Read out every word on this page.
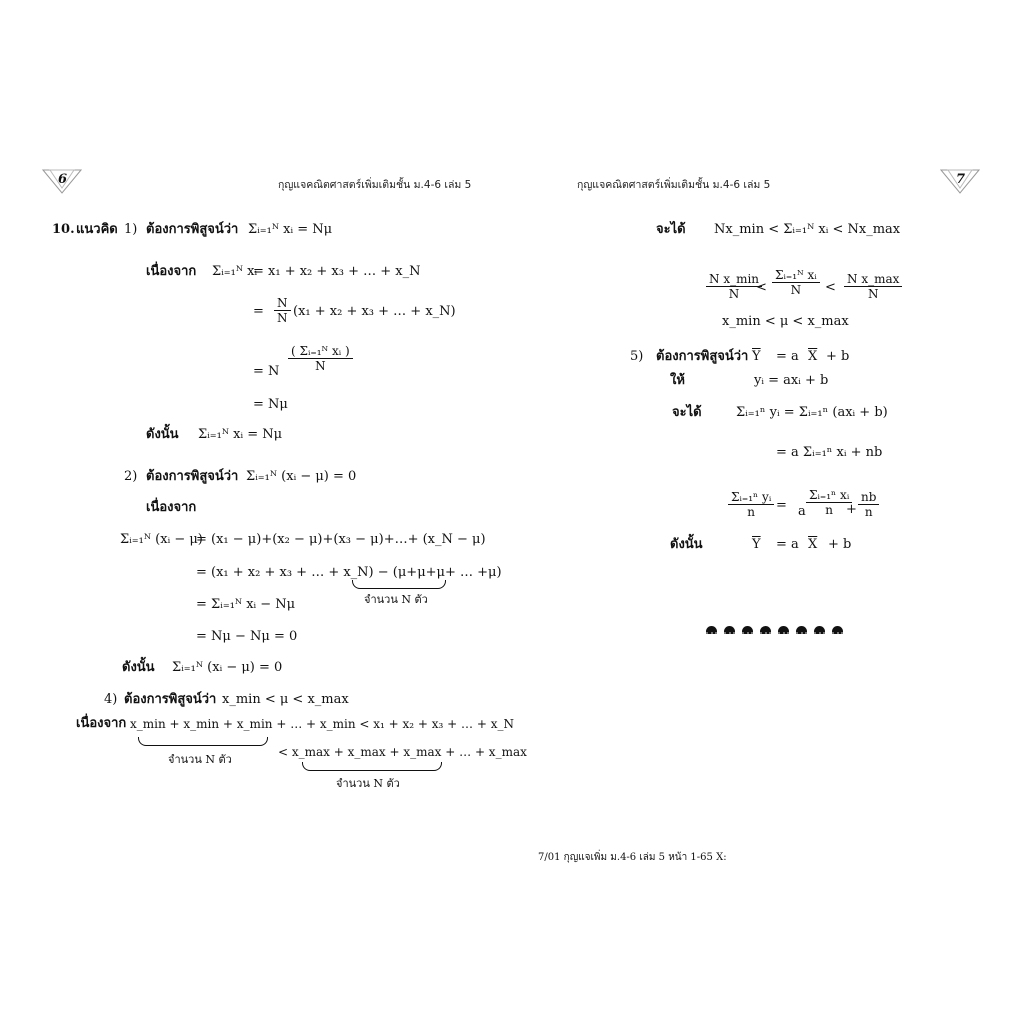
6	กุญแจคณิตศาสตร์เพิ่มเติมชั้น ม.4-6 เล่ม 5	7
กุญแจคณิตศาสตร์เพิ่มเติมชั้น ม.4-6 เล่ม 5
10. แนวคิด 1) ต้องการพิสูจน์ว่า Σᵢ₌₁ᴺ xᵢ = Nμ
เนื่องจาก Σᵢ₌₁ᴺ xᵢ
= x₁ + x₂ + x₃ + … + x_N
= $\frac{N}{N} (x_1 + x_2 + x_3$ + … + x_N)
= N $\frac{\text{( Σᵢ₌₁ᴺ xᵢ )}}{N}$
= Nμ
ดังนั้น Σᵢ₌₁ᴺ xᵢ = Nμ
2) ต้องการพิสูจน์ว่า Σᵢ₌₁ᴺ (xᵢ − μ) = 0
เนื่องจาก
Σᵢ₌₁ᴺ (xᵢ − μ)
= (x₁ − μ)+(x₂ − μ)+(x₃ − μ)+…+ (x_N − μ)
= (x₁ + x₂ + x₃ + … + x_N) − (μ+μ+μ+ … +μ)
จำนวน N ตัว
= Σᵢ₌₁ᴺ xᵢ − Nμ
= Nμ − Nμ = 0
ดังนั้น Σᵢ₌₁ᴺ (xᵢ − μ) = 0
4) ต้องการพิสูจน์ว่า x_min < μ < x_max
เนื่องจาก x_min + x_min + x_min + … + x_min < x₁ + x₂ + x₃ + … + x_N
จำนวน N ตัว
< x_max + x_max + x_max + … + x_max
จำนวน N ตัว
จะได้ Nx_min < Σᵢ₌₁ᴺ xᵢ < Nx_max
N x_min
$N < \frac{\text{Σᵢ₌₁ᴺ xᵢ}}{N}$ <
N x_max
N
x_min < μ < x_max
5) ต้องการพิสูจน์ว่า $\overline{Y} = a$ $\overline{X} + b$
ให้	yᵢ = axᵢ + b
จะได้	Σᵢ₌₁ⁿ yᵢ = Σᵢ₌₁ⁿ (axᵢ + b)
= a Σᵢ₌₁ⁿ xᵢ + nb
$\frac{\text{Σᵢ₌₁ⁿ yᵢ}}{n} = a \frac{\text{Σᵢ₌₁ⁿ xᵢ}}{n}$
+ $\frac{nb}{n}$
ดังนั้น	$\overline{Y} = a$ $\overline{X} + b$
7/01 กุญแจเพิ่ม ม.4-6 เล่ม 5 หน้า 1-65 X:
